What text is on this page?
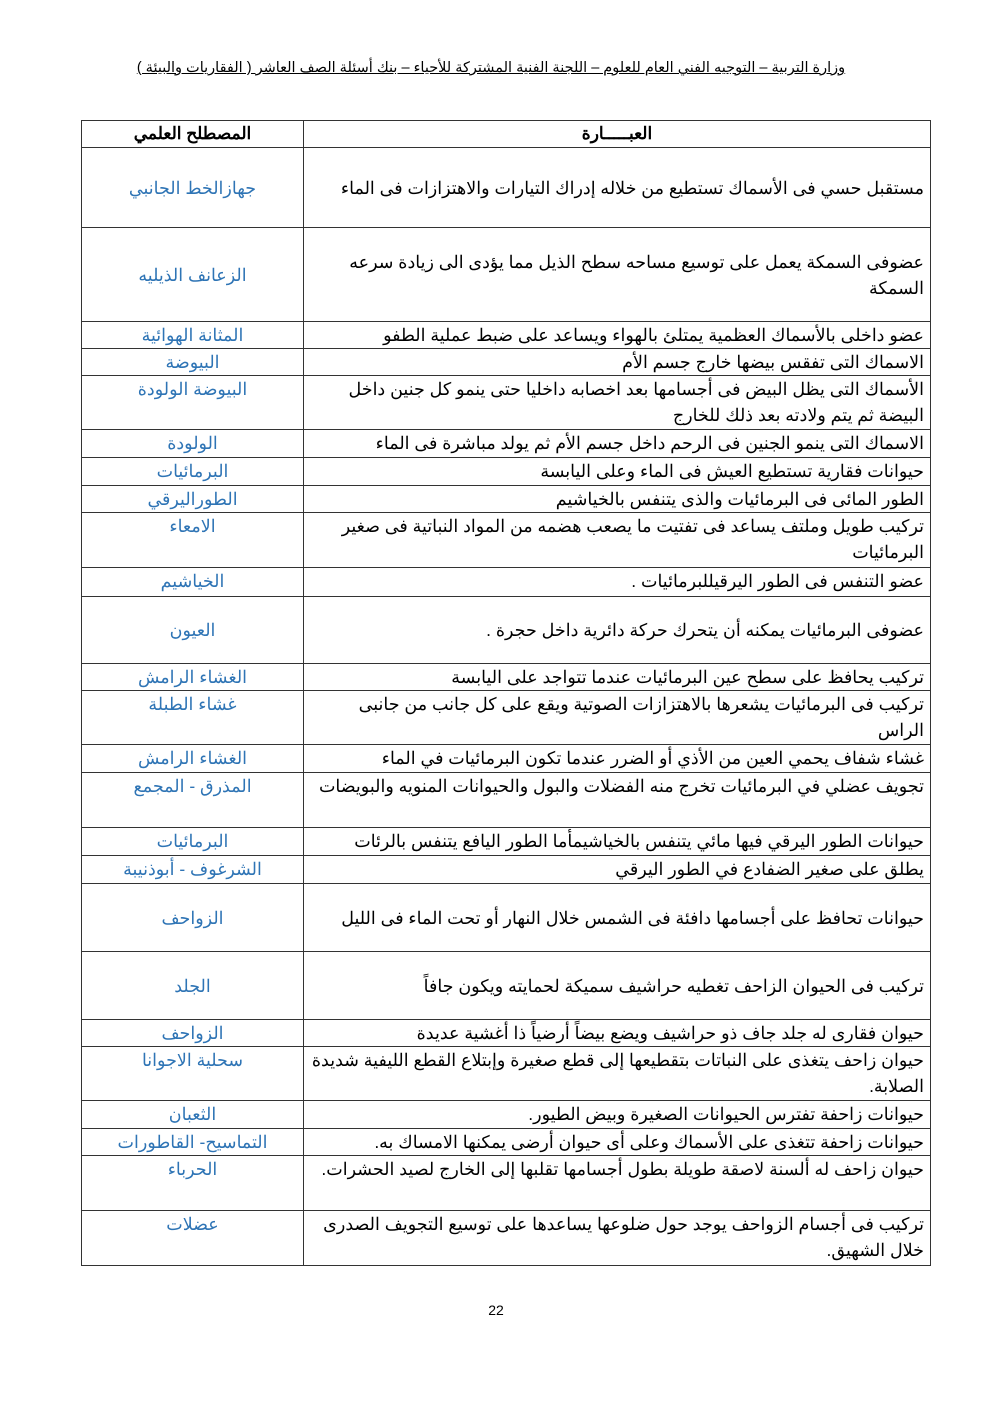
وزارة التربية – التوجيه الفني العام للعلوم – اللجنة الفنية المشتركة للأحياء – بنك أسئلة الصف العاشر ( الفقاريات والبيئة )
العبـــــارة	المصطلح العلمي
مستقبل حسي فى الأسماك تستطيع من خلاله إدراك التيارات والاهتزازات فى الماء	جهازالخط الجانبي
عضوفى السمكة يعمل على توسيع مساحه سطح الذيل مما يؤدى الى زيادة سرعه السمكة	الزعانف الذيليه
عضو داخلى بالأسماك العظمية يمتلئ بالهواء ويساعد على ضبط عملية الطفو	المثانة الهوائية
الاسماك التى تفقس بيضها خارج جسم الأم	البيوضة
الأسماك التى يظل البيض فى أجسامها بعد اخصابه داخليا حتى ينمو كل جنين داخل البيضة ثم يتم ولادته بعد ذلك للخارج	البيوضة الولودة
الاسماك التى ينمو الجنين فى الرحم داخل جسم الأم ثم يولد مباشرة فى الماء	الولودة
حيوانات فقارية تستطيع العيش فى الماء وعلى اليابسة	البرمائيات
الطور المائى فى البرمائيات والذى يتنفس بالخياشيم	الطوراليرقي
تركيب طويل وملتف يساعد فى تفتيت ما يصعب هضمه من المواد النباتية فى صغير البرمائيات	الامعاء
عضو التنفس فى الطور اليرقيللبرمائيات .	الخياشيم
عضوفى البرمائيات يمكنه أن يتحرك حركة دائرية داخل حجرة .	العيون
تركيب يحافظ على سطح عين البرمائيات عندما تتواجد على اليابسة	الغشاء الرامش
تركيب فى البرمائيات يشعرها بالاهتزازات الصوتية ويقع على كل جانب من جانبى الراس	غشاء الطبلة
غشاء شفاف يحمي العين من الأذي أو الضرر عندما تكون البرمائيات في الماء	الغشاء الرامش
تجويف عضلي في البرمائيات تخرج منه الفضلات والبول والحيوانات المنويه والبويضات	المذرق - المجمع
حيوانات الطور اليرقي فيها مائي يتنفس بالخياشيمأما الطور اليافع يتنفس بالرئات	البرمائيات
يطلق على صغير الضفادع في الطور اليرقي	الشرغوف - أبوذنيبة
حيوانات تحافظ على أجسامها دافئة فى الشمس خلال النهار أو تحت الماء فى الليل	الزواحف
تركيب فى الحيوان الزاحف تغطيه حراشيف سميكة لحمايته ويكون جافاً	الجلد
حيوان فقارى له جلد جاف ذو حراشيف ويضع بيضاً أرضياً ذا أغشية عديدة	الزواحف
حيوان زاحف يتغذى على النباتات بتقطيعها إلى قطع صغيرة وإبتلاع القطع الليفية شديدة الصلابة.	سحلية الاجوانا
حيوانات زاحفة تفترس الحيوانات الصغيرة وبيض الطيور.	الثعبان
حيوانات زاحفة تتغذى على الأسماك وعلى أى حيوان أرضى يمكنها الامساك به.	التماسيح- القاطورات
حيوان زاحف له ألسنة لاصقة طويلة بطول أجسامها تقلبها إلى الخارج لصيد الحشرات.	الحرباء
تركيب فى أجسام الزواحف يوجد حول ضلوعها يساعدها على توسيع التجويف الصدرى خلال الشهيق.	عضلات
22
